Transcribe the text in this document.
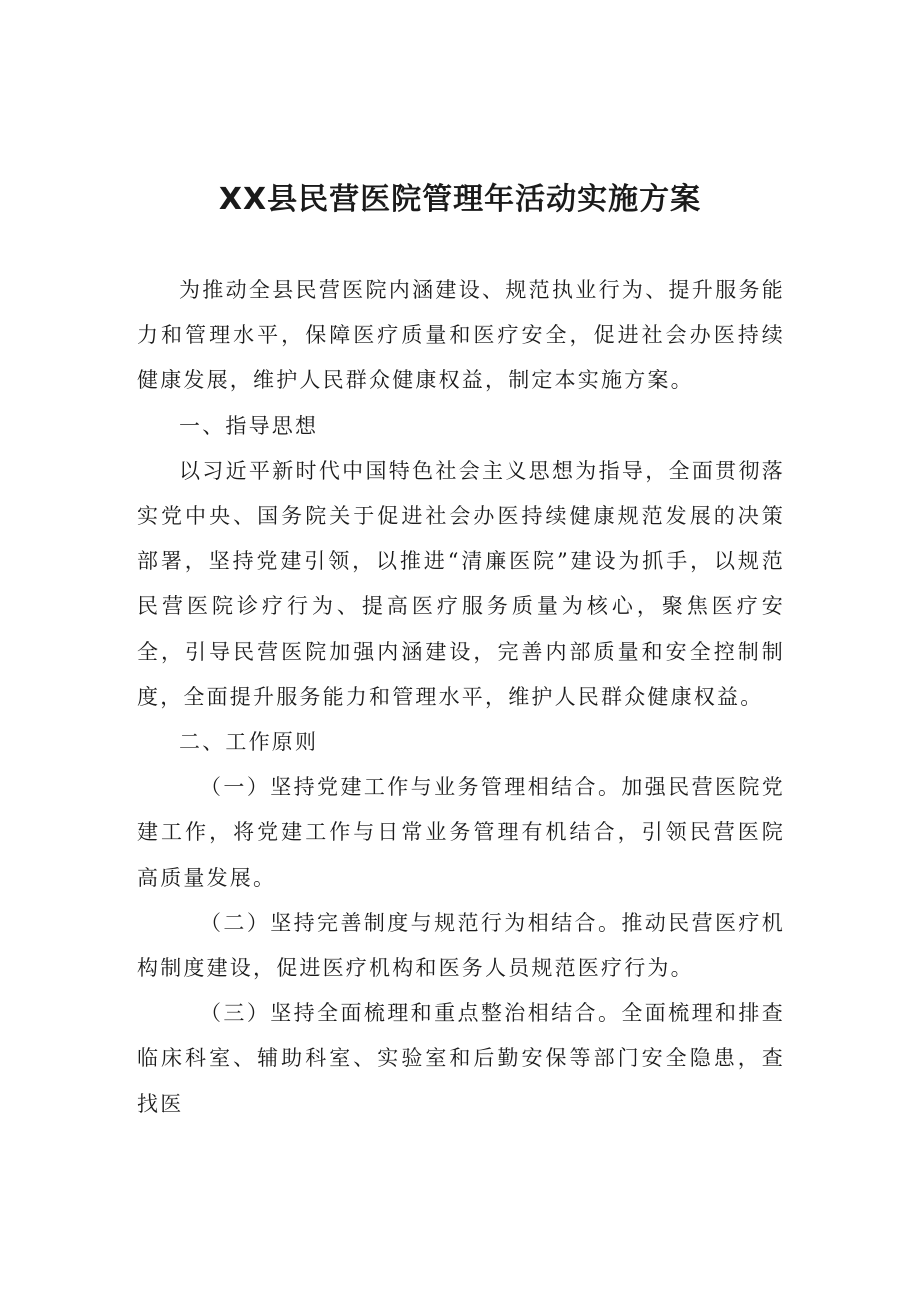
XX县民营医院管理年活动实施方案

为推动全县民营医院内涵建设、规范执业行为、提升服务能力和管理水平，保障医疗质量和医疗安全，促进社会办医持续健康发展，维护人民群众健康权益，制定本实施方案。

一、指导思想

以习近平新时代中国特色社会主义思想为指导，全面贯彻落实党中央、国务院关于促进社会办医持续健康规范发展的决策部署，坚持党建引领，以推进“清廉医院”建设为抓手，以规范民营医院诊疗行为、提高医疗服务质量为核心，聚焦医疗安全，引导民营医院加强内涵建设，完善内部质量和安全控制制度，全面提升服务能力和管理水平，维护人民群众健康权益。

二、工作原则

（一）坚持党建工作与业务管理相结合。加强民营医院党建工作，将党建工作与日常业务管理有机结合，引领民营医院高质量发展。

（二）坚持完善制度与规范行为相结合。推动民营医疗机构制度建设，促进医疗机构和医务人员规范医疗行为。

（三）坚持全面梳理和重点整治相结合。全面梳理和排查临床科室、辅助科室、实验室和后勤安保等部门安全隐患，查找医
